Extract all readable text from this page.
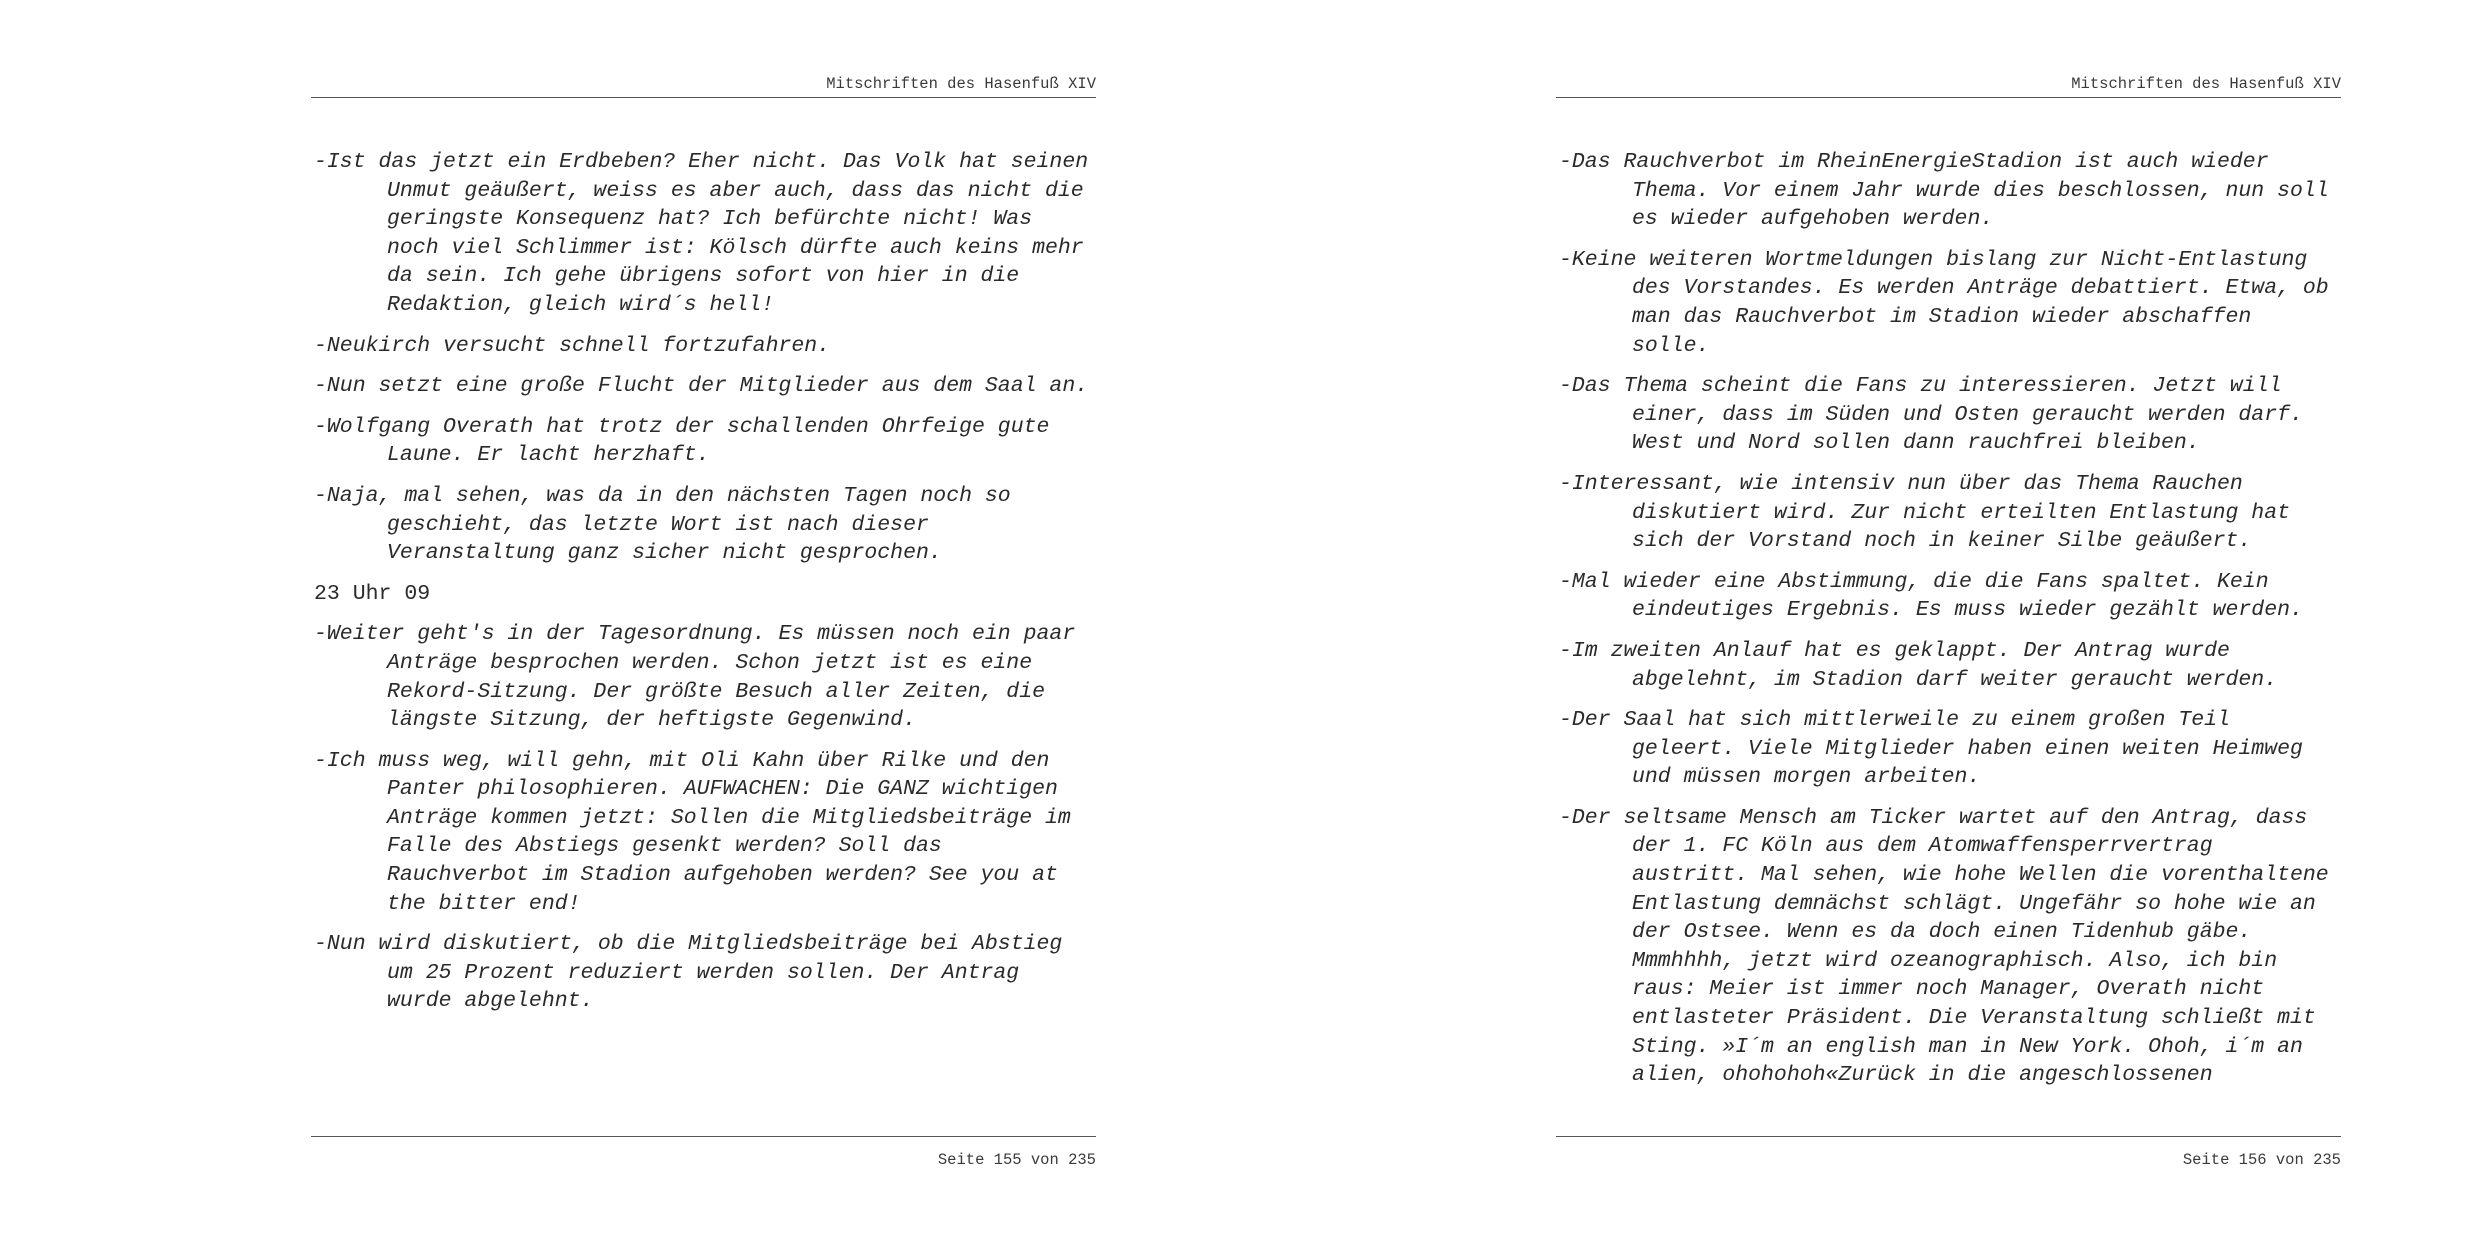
Mitschriften des Hasenfuß XIV

-Ist das jetzt ein Erdbeben? Eher nicht. Das Volk hat seinen Unmut geäußert, weiss es aber auch, dass das nicht die geringste Konsequenz hat? Ich befürchte nicht! Was noch viel Schlimmer ist: Kölsch dürfte auch keins mehr da sein. Ich gehe übrigens sofort von hier in die Redaktion, gleich wird´s hell!

-Neukirch versucht schnell fortzufahren.

-Nun setzt eine große Flucht der Mitglieder aus dem Saal an.

-Wolfgang Overath hat trotz der schallenden Ohrfeige gute Laune. Er lacht herzhaft.

-Naja, mal sehen, was da in den nächsten Tagen noch so geschieht, das letzte Wort ist nach dieser Veranstaltung ganz sicher nicht gesprochen.

23 Uhr 09

-Weiter geht's in der Tagesordnung. Es müssen noch ein paar Anträge besprochen werden. Schon jetzt ist es eine Rekord-Sitzung. Der größte Besuch aller Zeiten, die längste Sitzung, der heftigste Gegenwind.

-Ich muss weg, will gehn, mit Oli Kahn über Rilke und den Panter philosophieren. AUFWACHEN: Die GANZ wichtigen Anträge kommen jetzt: Sollen die Mitgliedsbeiträge im Falle des Abstiegs gesenkt werden? Soll das Rauchverbot im Stadion aufgehoben werden? See you at the bitter end!

-Nun wird diskutiert, ob die Mitgliedsbeiträge bei Abstieg um 25 Prozent reduziert werden sollen. Der Antrag wurde abgelehnt.

Seite 155 von 235
Mitschriften des Hasenfuß XIV

-Das Rauchverbot im RheinEnergieStadion ist auch wieder Thema. Vor einem Jahr wurde dies beschlossen, nun soll es wieder aufgehoben werden.

-Keine weiteren Wortmeldungen bislang zur Nicht-Entlastung des Vorstandes. Es werden Anträge debattiert. Etwa, ob man das Rauchverbot im Stadion wieder abschaffen solle.

-Das Thema scheint die Fans zu interessieren. Jetzt will einer, dass im Süden und Osten geraucht werden darf. West und Nord sollen dann rauchfrei bleiben.

-Interessant, wie intensiv nun über das Thema Rauchen diskutiert wird. Zur nicht erteilten Entlastung hat sich der Vorstand noch in keiner Silbe geäußert.

-Mal wieder eine Abstimmung, die die Fans spaltet. Kein eindeutiges Ergebnis. Es muss wieder gezählt werden.

-Im zweiten Anlauf hat es geklappt. Der Antrag wurde abgelehnt, im Stadion darf weiter geraucht werden.

-Der Saal hat sich mittlerweile zu einem großen Teil geleert. Viele Mitglieder haben einen weiten Heimweg und müssen morgen arbeiten.

-Der seltsame Mensch am Ticker wartet auf den Antrag, dass der 1. FC Köln aus dem Atomwaffensperrvertrag austritt. Mal sehen, wie hohe Wellen die vorenthaltene Entlastung demnächst schlägt. Ungefähr so hohe wie an der Ostsee. Wenn es da doch einen Tidenhub gäbe. Mmmhhhh, jetzt wird ozeanographisch. Also, ich bin raus: Meier ist immer noch Manager, Overath nicht entlasteter Präsident. Die Veranstaltung schließt mit Sting. »I´m an english man in New York. Ohoh, i´m an alien, ohohohoh«Zurück in die angeschlossenen

Seite 156 von 235
